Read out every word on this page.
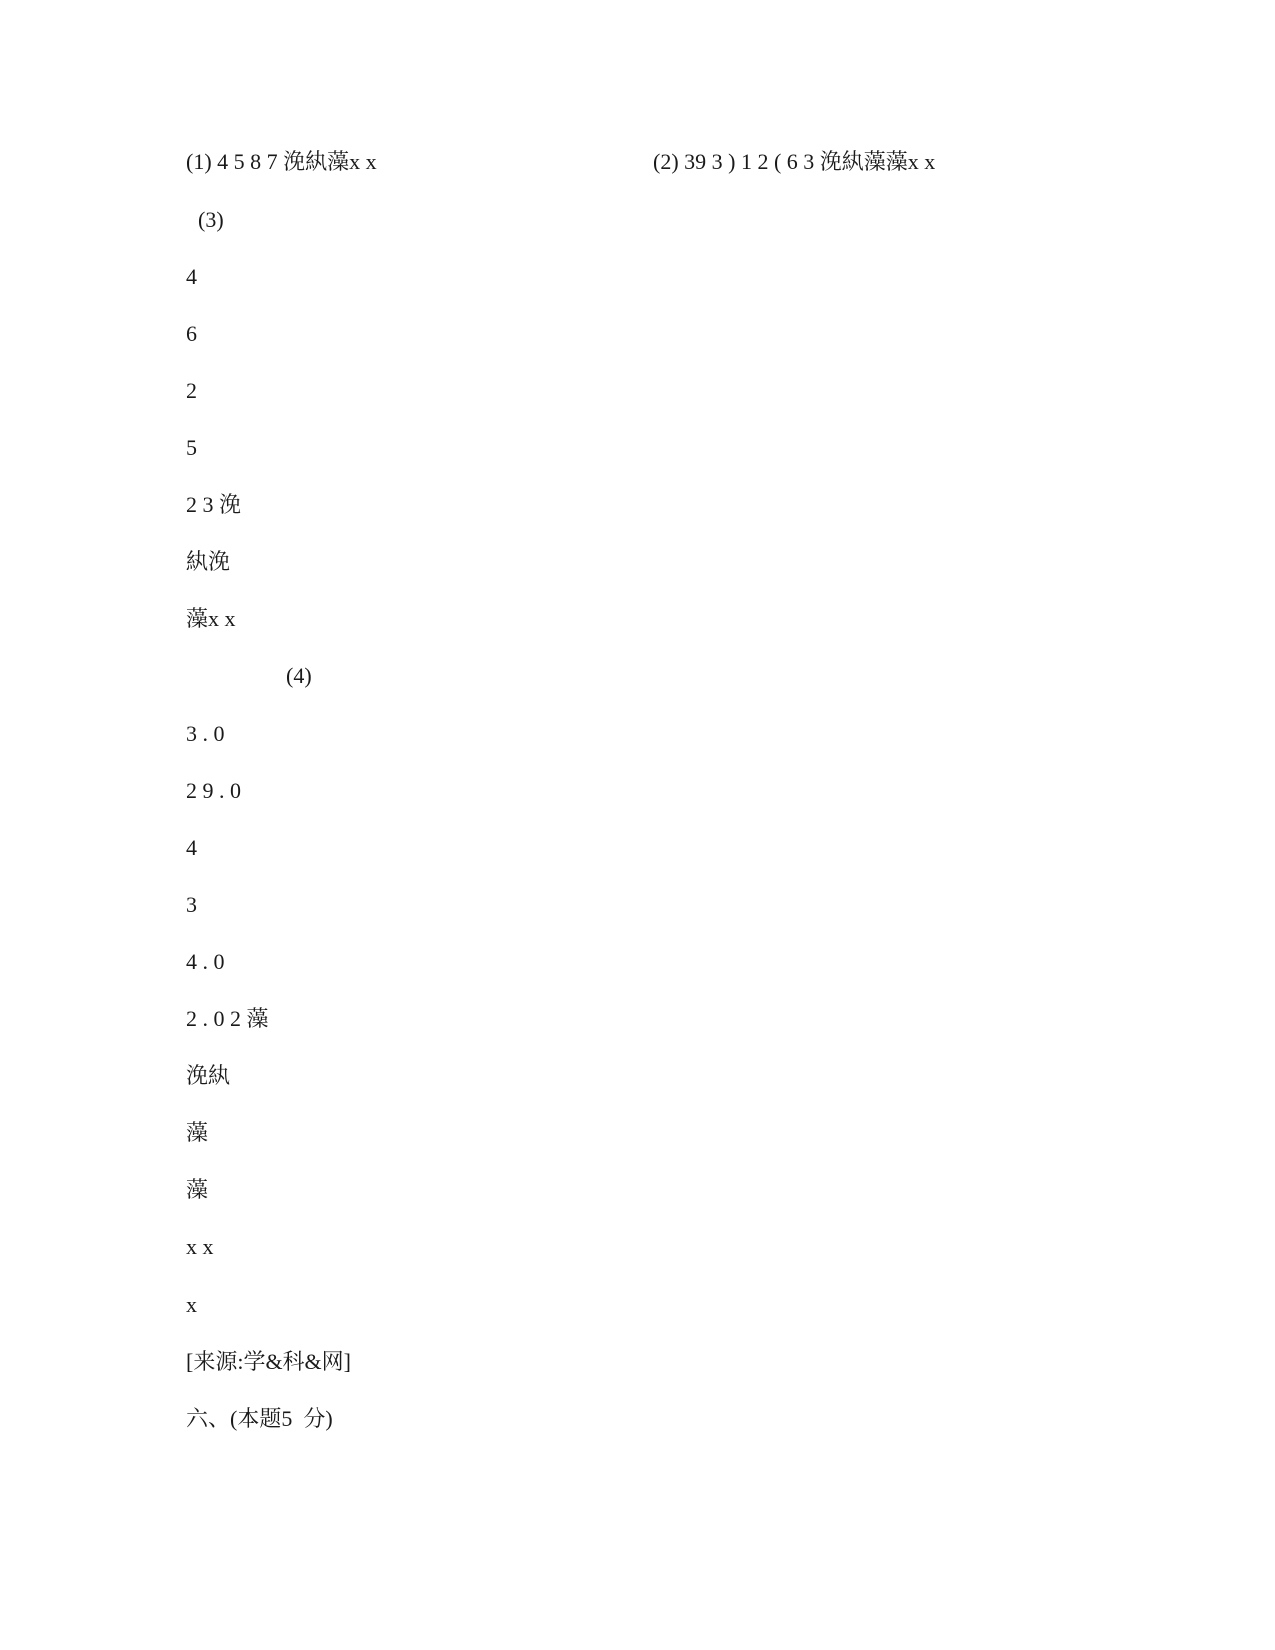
(1) 4 5 8 7 浼紈藻x x	(2) 39 3 ) 1 2 ( 6 3 浼紈藻藻x x
(3)
4
6
2
5
2 3 浼
紈浼
藻x x
(4)
3 . 0
2 9 . 0
4
3
4 . 0
2 . 0 2 藻
浼紈
藻
藻
x x
x
[来源:学&科&网]
六、(本题5  分)
